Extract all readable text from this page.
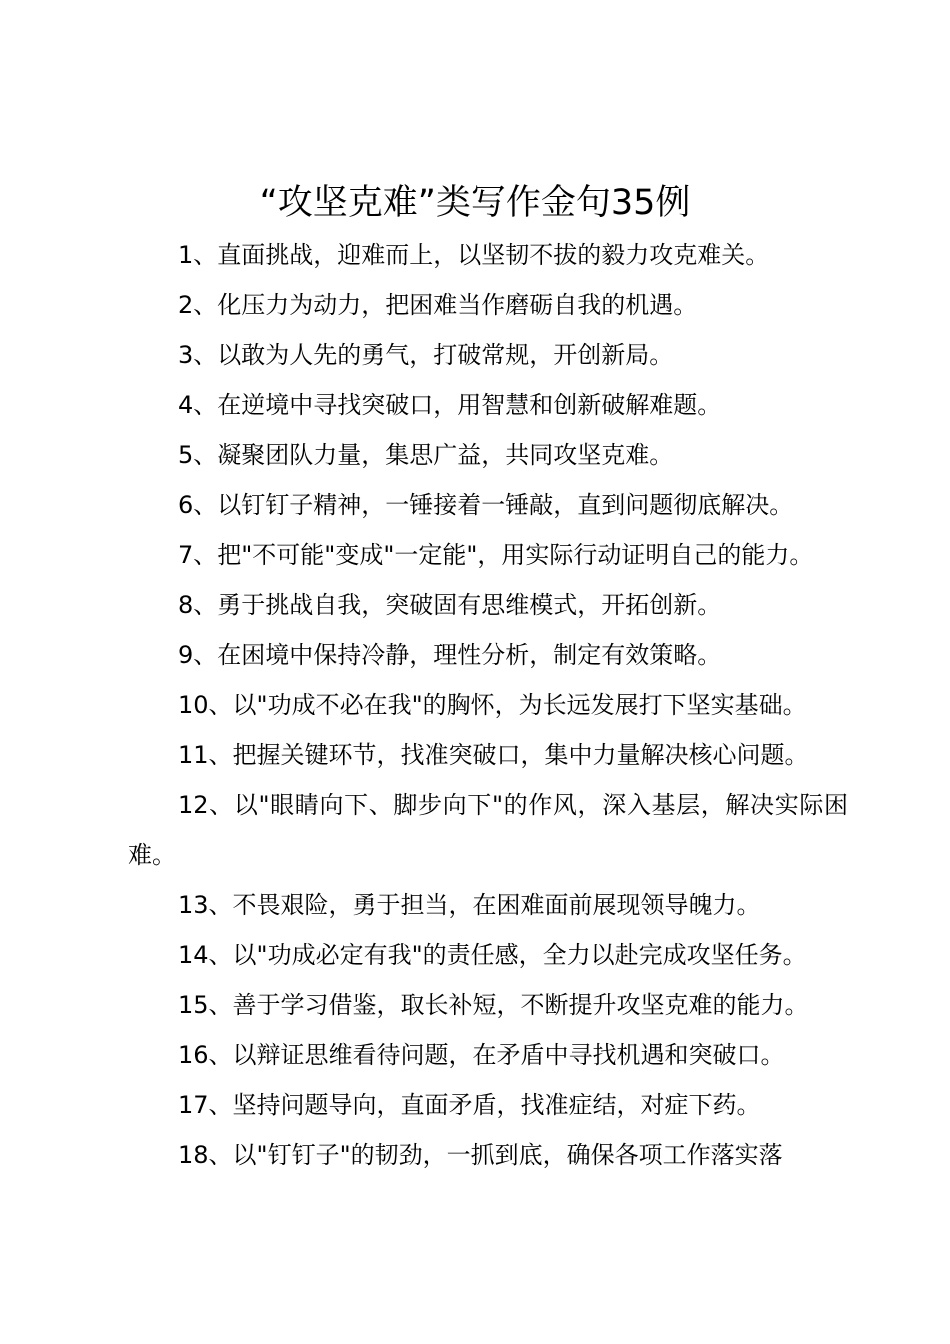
“攻坚克难”类写作金句35例

1、直面挑战，迎难而上，以坚韧不拔的毅力攻克难关。

2、化压力为动力，把困难当作磨砺自我的机遇。

3、以敢为人先的勇气，打破常规，开创新局。

4、在逆境中寻找突破口，用智慧和创新破解难题。

5、凝聚团队力量，集思广益，共同攻坚克难。

6、以钉钉子精神，一锤接着一锤敲，直到问题彻底解决。

7、把"不可能"变成"一定能"，用实际行动证明自己的能力。

8、勇于挑战自我，突破固有思维模式，开拓创新。

9、在困境中保持冷静，理性分析，制定有效策略。

10、以"功成不必在我"的胸怀，为长远发展打下坚实基础。

11、把握关键环节，找准突破口，集中力量解决核心问题。

12、以"眼睛向下、脚步向下"的作风，深入基层，解决实际困难。

13、不畏艰险，勇于担当，在困难面前展现领导魄力。

14、以"功成必定有我"的责任感，全力以赴完成攻坚任务。

15、善于学习借鉴，取长补短，不断提升攻坚克难的能力。

16、以辩证思维看待问题，在矛盾中寻找机遇和突破口。

17、坚持问题导向，直面矛盾，找准症结，对症下药。

18、以"钉钉子"的韧劲，一抓到底，确保各项工作落实落
